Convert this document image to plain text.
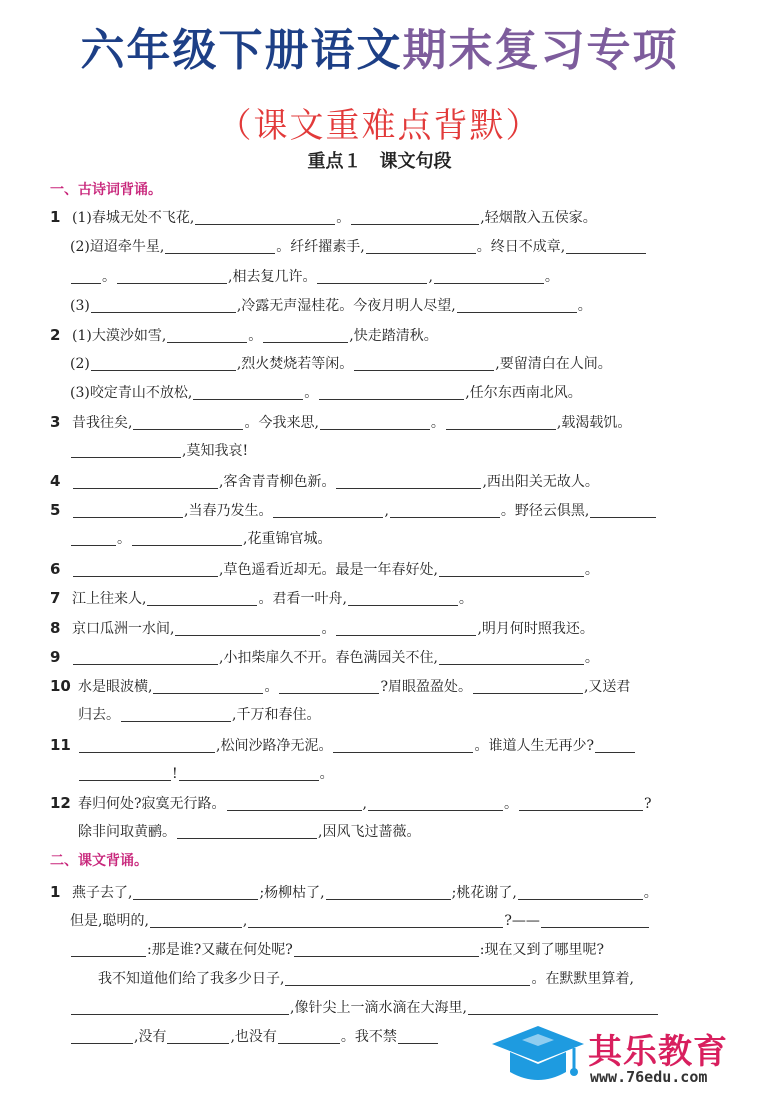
六年级下册语文期末复习专项
（课文重难点背默）
重点１　课文句段
一、古诗词背诵。
1 (1)春城无处不飞花,	。	,轻烟散入五侯家。
(2)迢迢牵牛星,	。纤纤擢素手,	。终日不成章,
。	,相去复几许。	,	。
(3)	,冷露无声湿桂花。今夜月明人尽望,	。
2 (1)大漠沙如雪,	。	,快走踏清秋。
(2)	,烈火焚烧若等闲。	,要留清白在人间。
(3)咬定青山不放松,	。	,任尔东西南北风。
3 昔我往矣,	。今我来思,	。	,载渴载饥。
,莫知我哀!
4	,客舍青青柳色新。	,西出阳关无故人。
5	,当春乃发生。	,	。野径云俱黑,
。	,花重锦官城。
6	,草色遥看近却无。最是一年春好处,	。
7 江上往来人,	。君看一叶舟,	。
8 京口瓜洲一水间,	。	,明月何时照我还。
9	,小扣柴扉久不开。春色满园关不住,	。
10 水是眼波横,	。	?眉眼盈盈处。	,又送君
归去。	,千万和春住。
11	,松间沙路净无泥。	。谁道人生无再少?
!	。
12 春归何处?寂寞无行路。	,	。	?
除非问取黄鹂。	,因风飞过蔷薇。
二、课文背诵。
1 燕子去了,	;杨柳枯了,	;桃花谢了,	。
但是,聪明的,	,	?——
:那是谁?又藏在何处呢?	:现在又到了哪里呢?
我不知道他们给了我多少日子,	。在默默里算着,
,像针尖上一滴水滴在大海里,
,没有	,也没有	。我不禁	其乐教育
www.76edu.com
